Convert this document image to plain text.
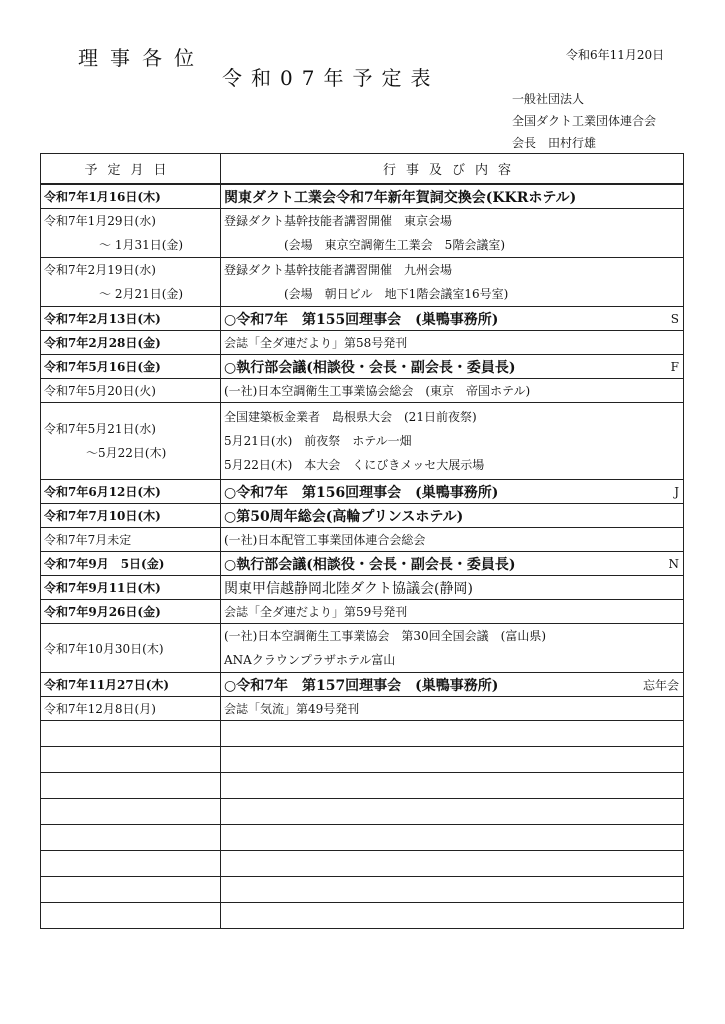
理事各位	令和6年11月20日
令和07年予定表
一般社団法人
全国ダクト工業団体連合会
会長　田村行雄
予定月日	行事及び内容
令和7年1月16日(木)	関東ダクト工業会令和7年新年賀詞交換会(KKRホテル)

令和7年1月29日(水)
～ 1月31日(金)	登録ダクト基幹技能者講習開催　東京会場
(会場　東京空調衛生工業会　5階会議室)

令和7年2月19日(水)
～ 2月21日(金)	登録ダクト基幹技能者講習開催　九州会場
(会場　朝日ビル　地下1階会議室16号室)

令和7年2月13日(木)	○令和7年　第155回理事会　(巣鴨事務所) S

令和7年2月28日(金)	会誌「全ダ連だより」第58号発刊
令和7年5月16日(金)	○執行部会議(相談役・会長・副会長・委員長) F

令和7年5月20日(火)	(一社)日本空調衛生工事業協会総会　(東京　帝国ホテル)

令和7年5月21日(水)
～5月22日(木)	全国建築板金業者　島根県大会　(21日前夜祭)
5月21日(水)　前夜祭　ホテル一畑
5月22日(木)　本大会　くにびきメッセ大展示場

令和7年6月12日(木)	○令和7年　第156回理事会　(巣鴨事務所) J

令和7年7月10日(木)	○第50周年総会(高輪プリンスホテル)
令和7年7月未定	(一社)日本配管工事業団体連合会総会
令和7年9月　5日(金)	○執行部会議(相談役・会長・副会長・委員長) N

令和7年9月11日(木)	関東甲信越静岡北陸ダクト協議会(静岡)
令和7年9月26日(金)	会誌「全ダ連だより」第59号発刊
令和7年10月30日(木)	(一社)日本空調衛生工事業協会　第30回全国会議　(富山県)
ANAクラウンプラザホテル富山

令和7年11月27日(木)	○令和7年　第157回理事会　(巣鴨事務所) 忘年会

令和7年12月8日(月)	会誌「気流」第49号発刊
